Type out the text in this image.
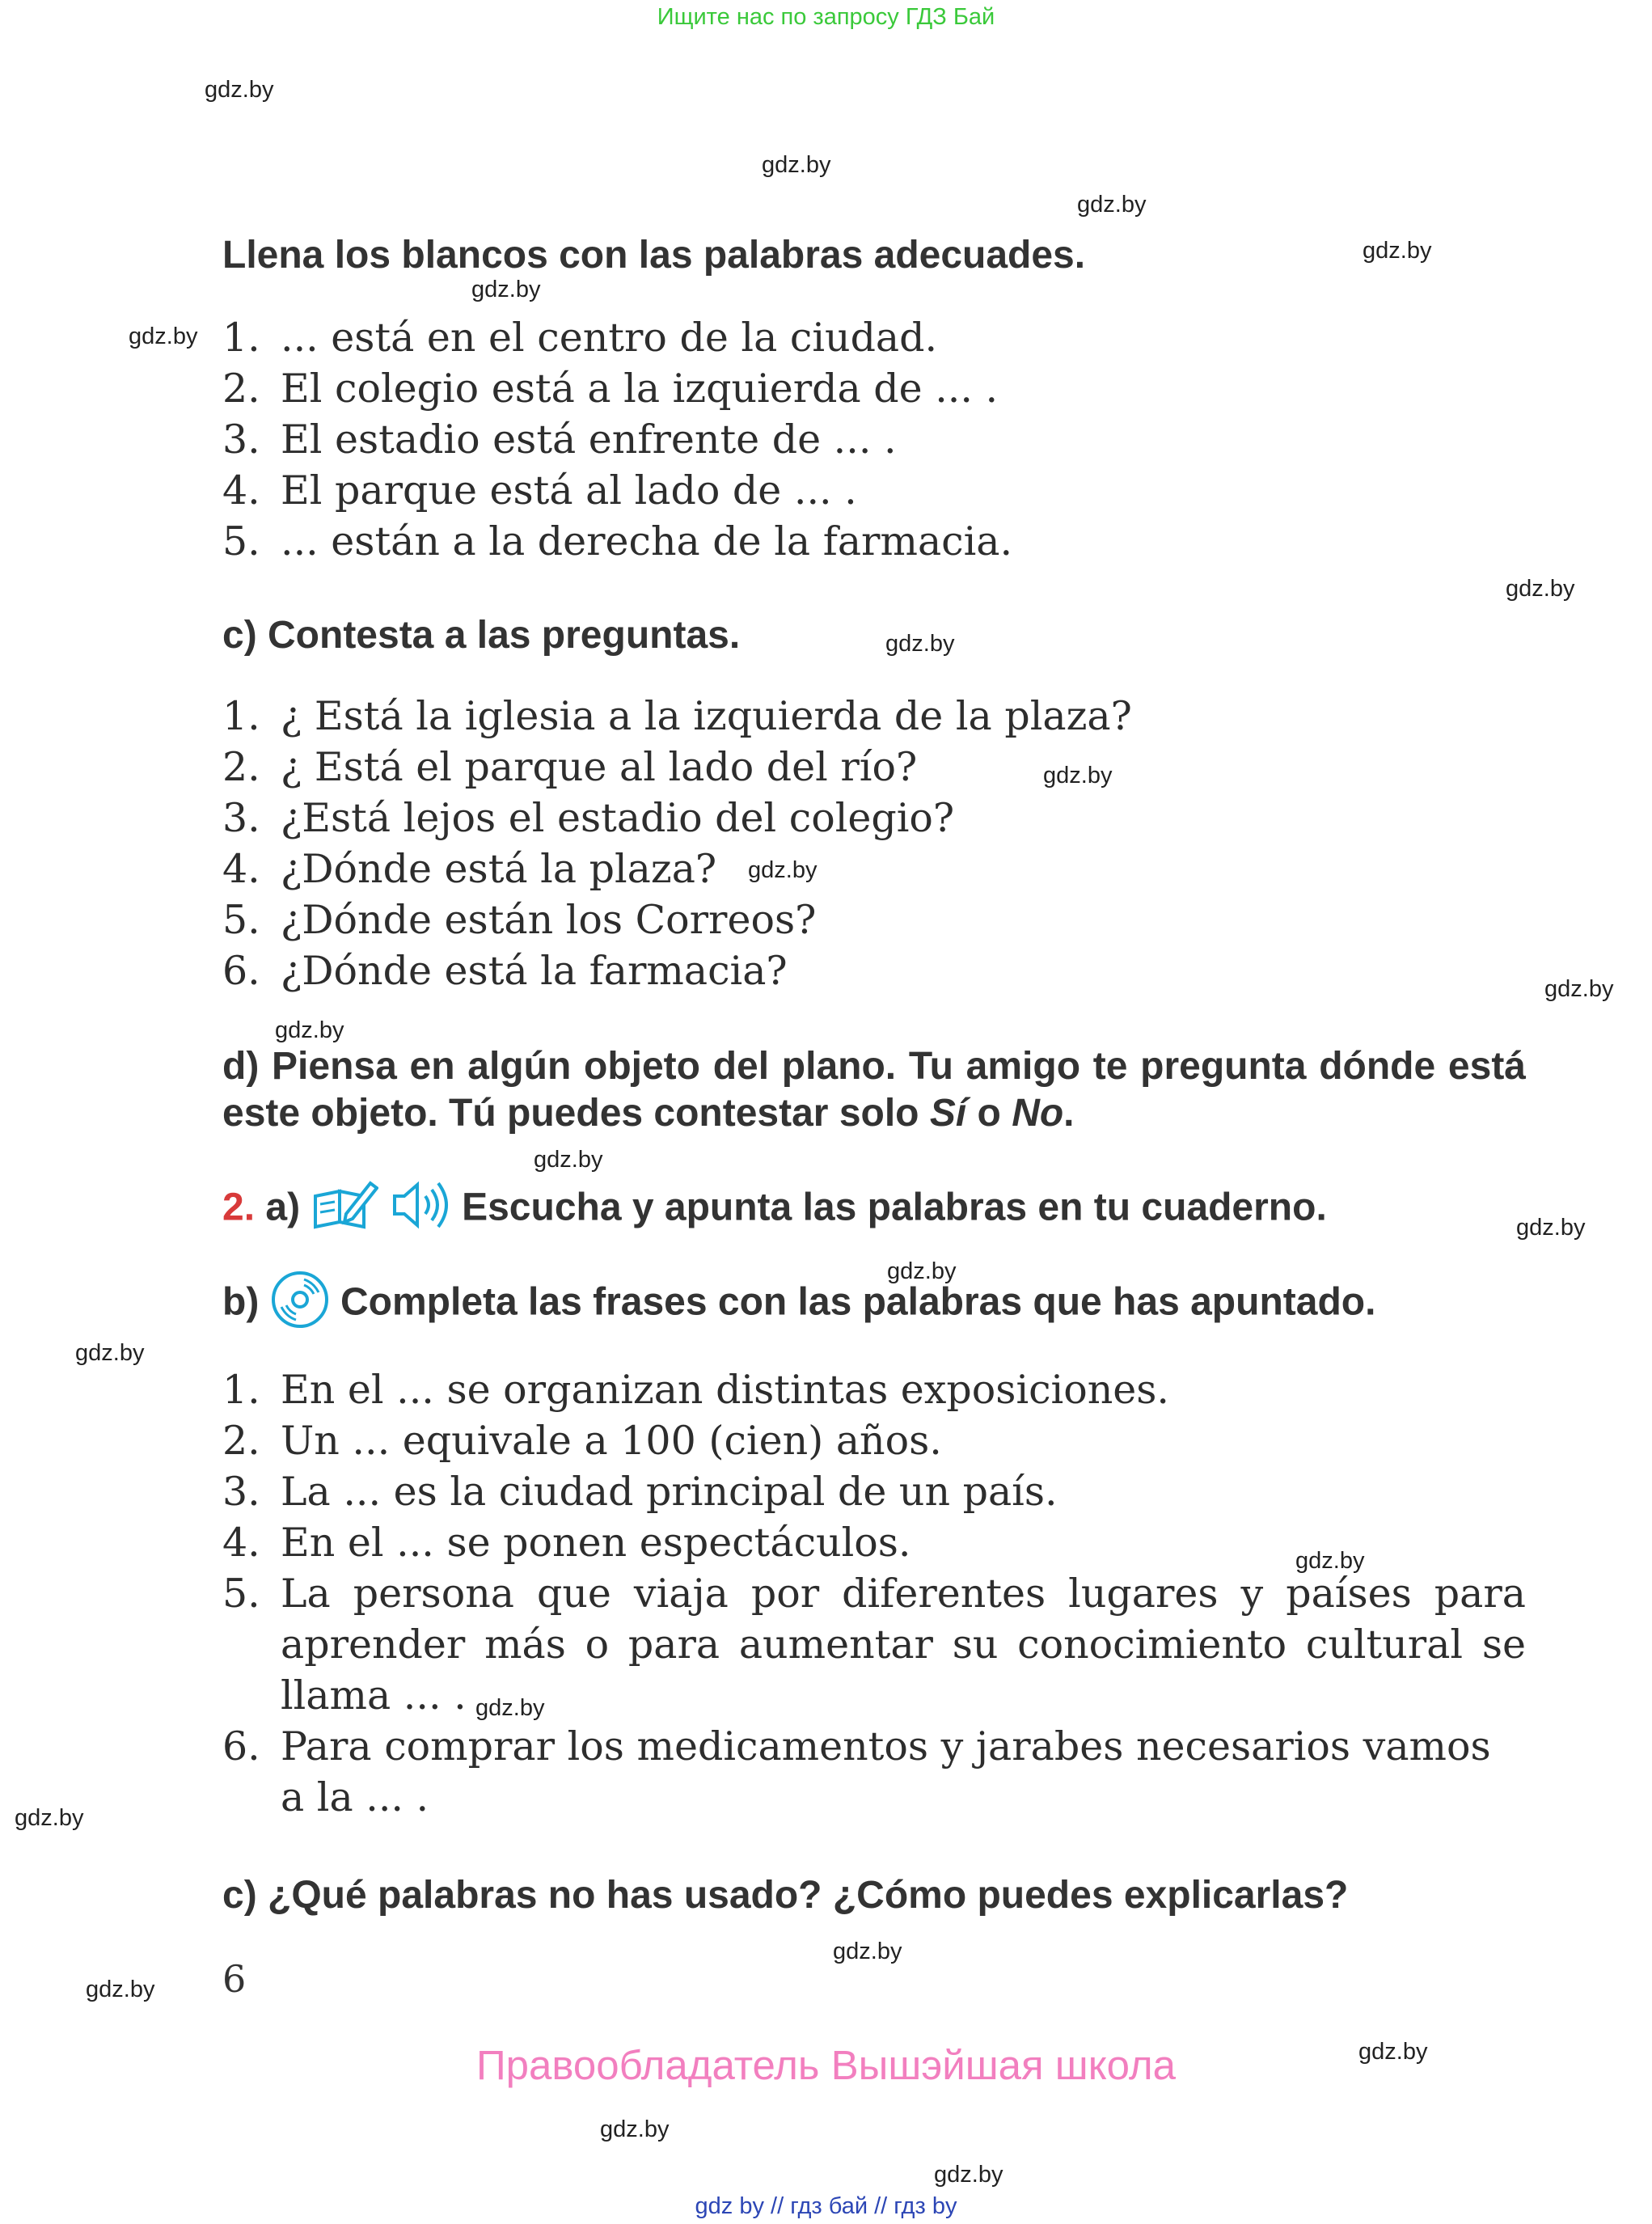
Ищите нас по запросу ГДЗ Бай
gdz.by
gdz.by
gdz.by
gdz.by
gdz.by
gdz.by
gdz.by
gdz.by
gdz.by
gdz.by
gdz.by
gdz.by
gdz.by
gdz.by
gdz.by
gdz.by
gdz.by
gdz.by
gdz.by
gdz.by
gdz.by
gdz.by
gdz.by
gdz.by
Llena los blancos con las palabras adecuades.
1. ... está en el centro de la ciudad.
2. El colegio está a la izquierda de ... .
3. El estadio está enfrente de ... .
4. El parque está al lado de ... .
5. ... están a la derecha de la farmacia.
c) Contesta a las preguntas.
1. ¿ Está la iglesia a la izquierda de la plaza?
2. ¿ Está el parque al lado del río?
3. ¿Está lejos el estadio del colegio?
4. ¿Dónde está la plaza?
5. ¿Dónde están los Correos?
6. ¿Dónde está la farmacia?
d) Piensa en algún objeto del plano. Tu amigo te pregunta dónde está este objeto. Tú puedes contestar solo Sí o No.
2. a)	Escucha y apunta las palabras en tu cuaderno.
b) Completa las frases con las palabras que has apuntado.
1. En el ... se organizan distintas exposiciones.
2. Un ... equivale a 100 (cien) años.
3. La ... es la ciudad principal de un país.
4. En el ... se ponen espectáculos.
5. La persona que viaja por diferentes lugares y países para aprender más o para aumentar su conocimiento cultural se llama ... .
6. Para comprar los medicamentos y jarabes necesarios vamos a la ... .
c) ¿Qué palabras no has usado? ¿Cómo puedes explicarlas?
6
Правообладатель Вышэйшая школа
gdz by // гдз бай // гдз by
